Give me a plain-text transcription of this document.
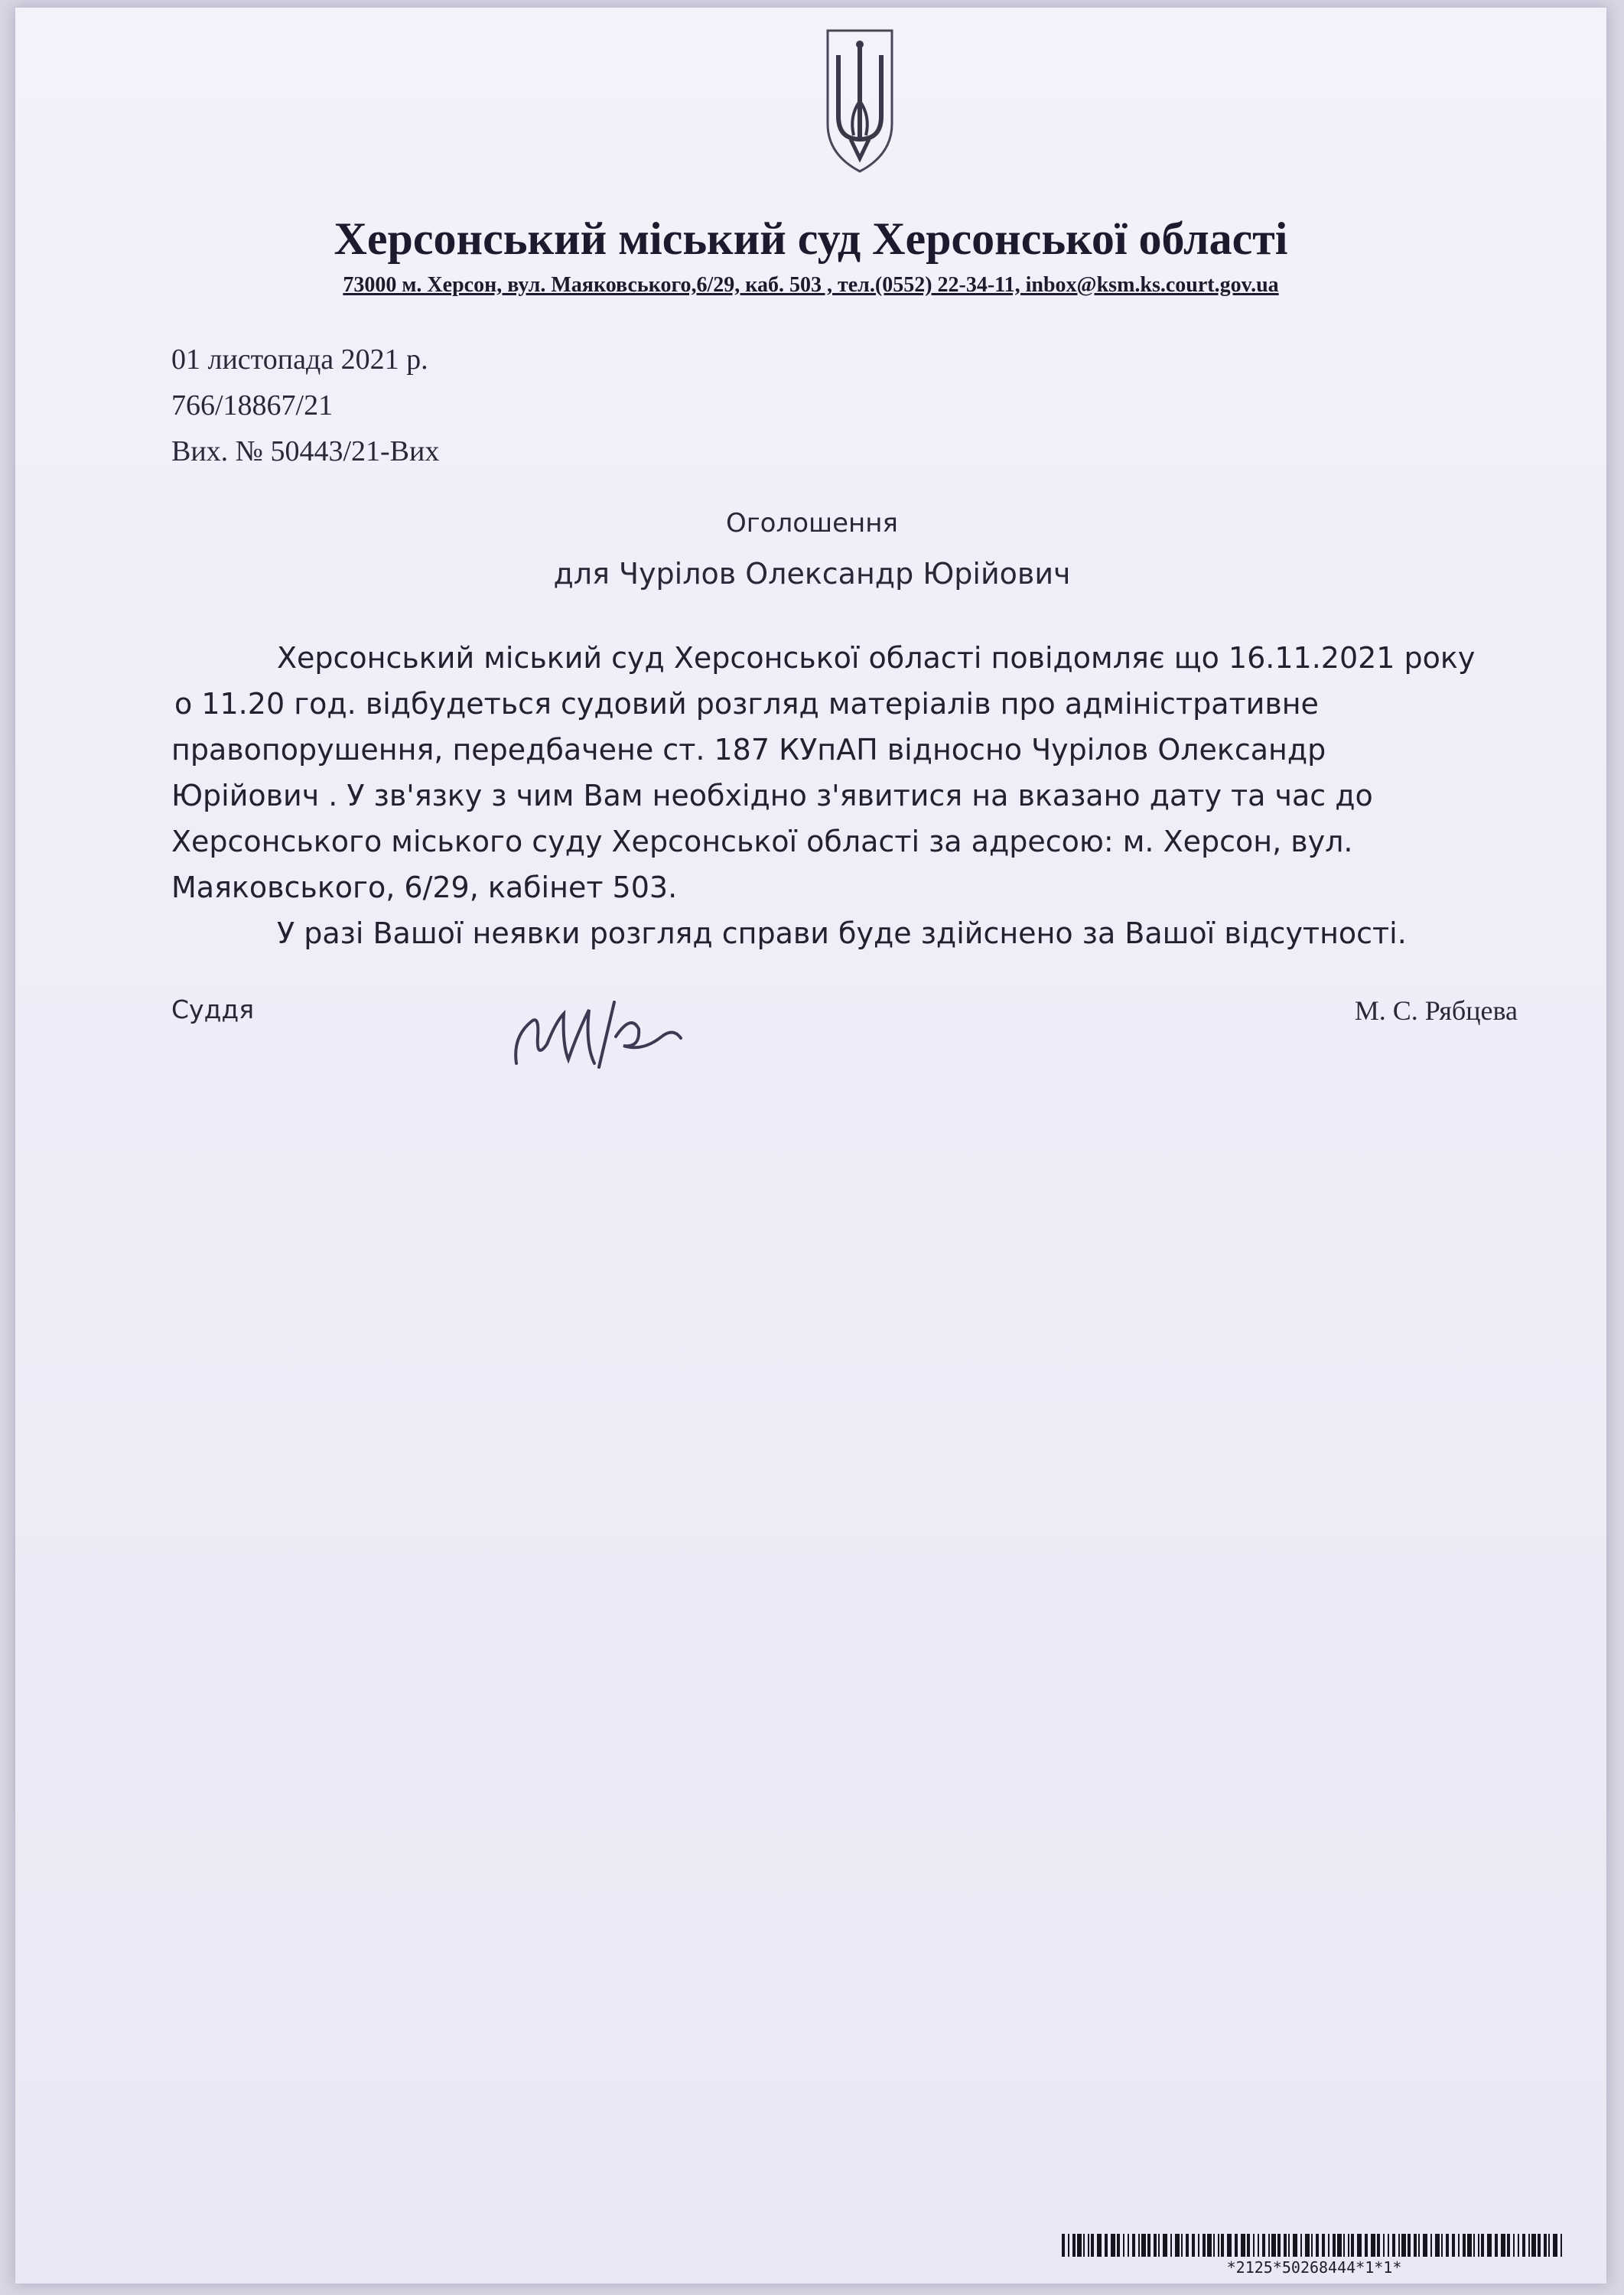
Херсонський міський суд Херсонської області
73000 м. Херсон, вул. Маяковського,6/29, каб. 503 , тел.(0552) 22-34-11, inbox@ksm.ks.court.gov.ua
01 листопада 2021 р.
766/18867/21
Вих. № 50443/21-Вих
Оголошення
для Чурілов Олександр Юрійович
Херсонський міський суд Херсонської області повідомляє що 16.11.2021 року
о 11.20 год. відбудеться судовий розгляд матеріалів про адміністративне
правопорушення, передбачене ст. 187 КУпАП відносно Чурілов Олександр
Юрійович . У зв'язку з чим Вам необхідно з'явитися на вказано дату та час до
Херсонського міського суду Херсонської області за адресою: м. Херсон, вул.
Маяковського, 6/29, кабінет 503.
У разі Вашої неявки розгляд справи буде здійснено за Вашої відсутності.
Суддя	М. С. Рябцева
*2125*50268444*1*1*
